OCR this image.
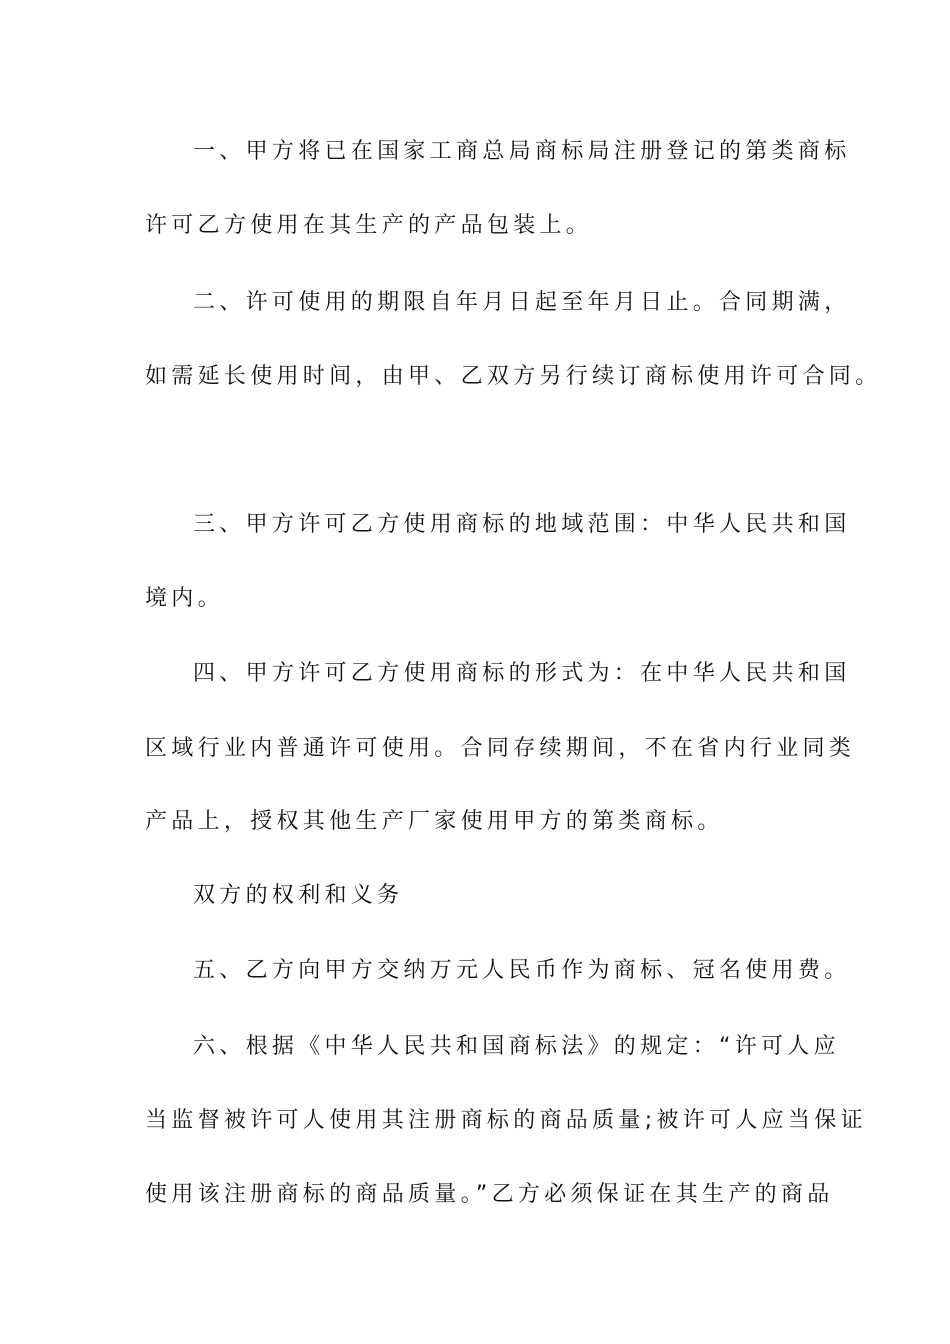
一、甲方将已在国家工商总局商标局注册登记的第类商标
许可乙方使用在其生产的产品包装上。
二、许可使用的期限自年月日起至年月日止。合同期满，
如需延长使用时间，由甲、乙双方另行续订商标使用许可合同。
三、甲方许可乙方使用商标的地域范围：中华人民共和国
境内。
四、甲方许可乙方使用商标的形式为：在中华人民共和国
区域行业内普通许可使用。合同存续期间，不在省内行业同类
产品上，授权其他生产厂家使用甲方的第类商标。
双方的权利和义务
五、乙方向甲方交纳万元人民币作为商标、冠名使用费。
六、根据《中华人民共和国商标法》的规定：“许可人应
当监督被许可人使用其注册商标的商品质量;被许可人应当保证
使用该注册商标的商品质量。”乙方必须保证在其生产的商品
